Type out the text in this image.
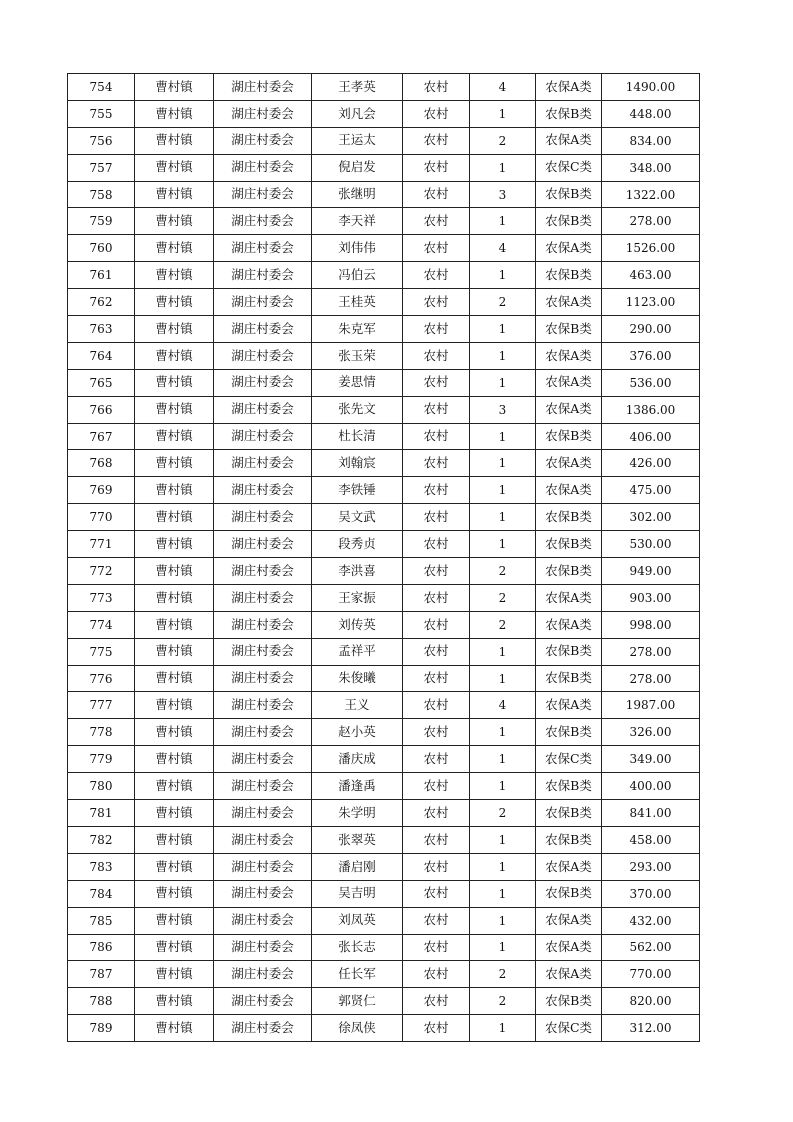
754	曹村镇	湖庄村委会	王孝英	农村	4	农保A类	1490.00
755	曹村镇	湖庄村委会	刘凡会	农村	1	农保B类	448.00
756	曹村镇	湖庄村委会	王运太	农村	2	农保A类	834.00
757	曹村镇	湖庄村委会	倪启发	农村	1	农保C类	348.00
758	曹村镇	湖庄村委会	张继明	农村	3	农保B类	1322.00
759	曹村镇	湖庄村委会	李天祥	农村	1	农保B类	278.00
760	曹村镇	湖庄村委会	刘伟伟	农村	4	农保A类	1526.00
761	曹村镇	湖庄村委会	冯伯云	农村	1	农保B类	463.00
762	曹村镇	湖庄村委会	王桂英	农村	2	农保A类	1123.00
763	曹村镇	湖庄村委会	朱克军	农村	1	农保B类	290.00
764	曹村镇	湖庄村委会	张玉荣	农村	1	农保A类	376.00
765	曹村镇	湖庄村委会	姜思情	农村	1	农保A类	536.00
766	曹村镇	湖庄村委会	张先文	农村	3	农保A类	1386.00
767	曹村镇	湖庄村委会	杜长清	农村	1	农保B类	406.00
768	曹村镇	湖庄村委会	刘翰宸	农村	1	农保A类	426.00
769	曹村镇	湖庄村委会	李铁锤	农村	1	农保A类	475.00
770	曹村镇	湖庄村委会	吴文武	农村	1	农保B类	302.00
771	曹村镇	湖庄村委会	段秀贞	农村	1	农保B类	530.00
772	曹村镇	湖庄村委会	李洪喜	农村	2	农保B类	949.00
773	曹村镇	湖庄村委会	王家振	农村	2	农保A类	903.00
774	曹村镇	湖庄村委会	刘传英	农村	2	农保A类	998.00
775	曹村镇	湖庄村委会	孟祥平	农村	1	农保B类	278.00
776	曹村镇	湖庄村委会	朱俊曦	农村	1	农保B类	278.00
777	曹村镇	湖庄村委会	王义	农村	4	农保A类	1987.00
778	曹村镇	湖庄村委会	赵小英	农村	1	农保B类	326.00
779	曹村镇	湖庄村委会	潘庆成	农村	1	农保C类	349.00
780	曹村镇	湖庄村委会	潘逢禹	农村	1	农保B类	400.00
781	曹村镇	湖庄村委会	朱学明	农村	2	农保B类	841.00
782	曹村镇	湖庄村委会	张翠英	农村	1	农保B类	458.00
783	曹村镇	湖庄村委会	潘启刚	农村	1	农保A类	293.00
784	曹村镇	湖庄村委会	吴吉明	农村	1	农保B类	370.00
785	曹村镇	湖庄村委会	刘凤英	农村	1	农保A类	432.00
786	曹村镇	湖庄村委会	张长志	农村	1	农保A类	562.00
787	曹村镇	湖庄村委会	任长军	农村	2	农保A类	770.00
788	曹村镇	湖庄村委会	郭贤仁	农村	2	农保B类	820.00
789	曹村镇	湖庄村委会	徐凤侠	农村	1	农保C类	312.00
